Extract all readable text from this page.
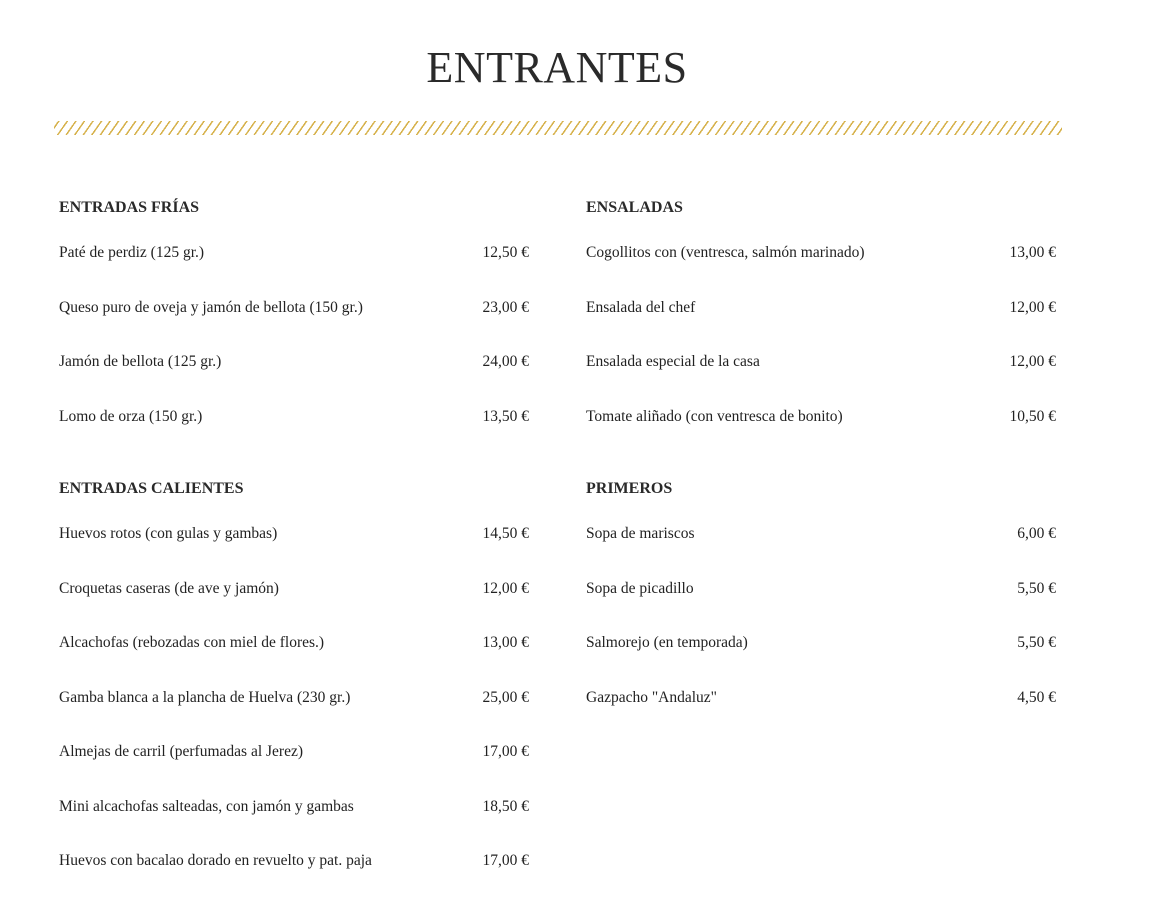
ENTRANTES
ENTRADAS FRÍAS
Paté de perdiz (125 gr.)	12,50 €
Queso puro de oveja y jamón de bellota (150 gr.)	23,00 €
Jamón de bellota (125 gr.)	24,00 €
Lomo de orza (150 gr.)	13,50 €
ENSALADAS
Cogollitos con (ventresca, salmón marinado)	13,00 €
Ensalada del chef	12,00 €
Ensalada especial de la casa	12,00 €
Tomate aliñado (con ventresca de bonito)	10,50 €
ENTRADAS CALIENTES
Huevos rotos (con gulas y gambas)	14,50 €
Croquetas caseras (de ave y jamón)	12,00 €
Alcachofas (rebozadas con miel de flores.)	13,00 €
Gamba blanca a la plancha de Huelva (230 gr.)	25,00 €
Almejas de carril (perfumadas al Jerez)	17,00 €
Mini alcachofas salteadas, con jamón y gambas	18,50 €
Huevos con bacalao dorado en revuelto y pat. paja	17,00 €
PRIMEROS
Sopa de mariscos	6,00 €
Sopa de picadillo	5,50 €
Salmorejo (en temporada)	5,50 €
Gazpacho "Andaluz"	4,50 €
